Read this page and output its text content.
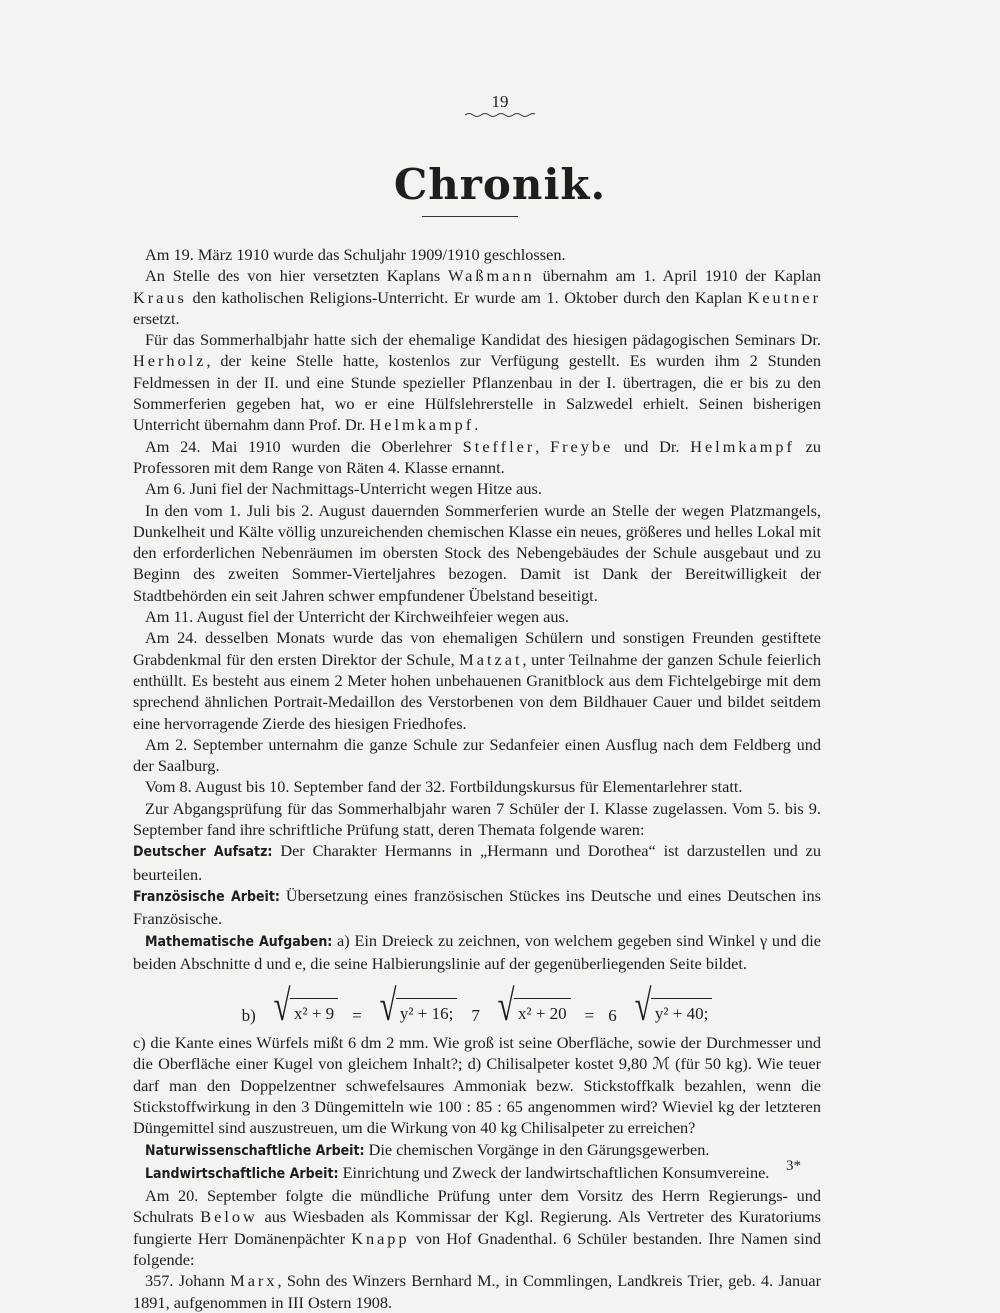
19
Chronik.

Am 19. März 1910 wurde das Schuljahr 1909/1910 geschlossen.

An Stelle des von hier versetzten Kaplans Waßmann übernahm am 1. April 1910 der Kaplan Kraus den katholischen Religions-Unterricht. Er wurde am 1. Oktober durch den Kaplan Keutner ersetzt.

Für das Sommerhalbjahr hatte sich der ehemalige Kandidat des hiesigen pädagogischen Seminars Dr. Herholz, der keine Stelle hatte, kostenlos zur Verfügung gestellt. Es wurden ihm 2 Stunden Feldmessen in der II. und eine Stunde spezieller Pflanzenbau in der I. übertragen, die er bis zu den Sommerferien gegeben hat, wo er eine Hülfslehrerstelle in Salzwedel erhielt. Seinen bisherigen Unterricht übernahm dann Prof. Dr. Helmkampf.

Am 24. Mai 1910 wurden die Oberlehrer Steffler, Freybe und Dr. Helmkampf zu Professoren mit dem Range von Räten 4. Klasse ernannt.

Am 6. Juni fiel der Nachmittags-Unterricht wegen Hitze aus.

In den vom 1. Juli bis 2. August dauernden Sommerferien wurde an Stelle der wegen Platzmangels, Dunkelheit und Kälte völlig unzureichenden chemischen Klasse ein neues, größeres und helles Lokal mit den erforderlichen Nebenräumen im obersten Stock des Nebengebäudes der Schule ausgebaut und zu Beginn des zweiten Sommer-Vierteljahres bezogen. Damit ist Dank der Bereitwilligkeit der Stadtbehörden ein seit Jahren schwer empfundener Übelstand beseitigt.

Am 11. August fiel der Unterricht der Kirchweihfeier wegen aus.

Am 24. desselben Monats wurde das von ehemaligen Schülern und sonstigen Freunden gestiftete Grabdenkmal für den ersten Direktor der Schule, Matzat, unter Teilnahme der ganzen Schule feierlich enthüllt. Es besteht aus einem 2 Meter hohen unbehauenen Granitblock aus dem Fichtelgebirge mit dem sprechend ähnlichen Portrait-Medaillon des Verstorbenen von dem Bildhauer Cauer und bildet seitdem eine hervorragende Zierde des hiesigen Friedhofes.

Am 2. September unternahm die ganze Schule zur Sedanfeier einen Ausflug nach dem Feldberg und der Saalburg.

Vom 8. August bis 10. September fand der 32. Fortbildungskursus für Elementarlehrer statt.

Zur Abgangsprüfung für das Sommerhalbjahr waren 7 Schüler der I. Klasse zugelassen. Vom 5. bis 9. September fand ihre schriftliche Prüfung statt, deren Themata folgende waren:

Deutscher Aufsatz: Der Charakter Hermanns in „Hermann und Dorothea“ ist darzustellen und zu beurteilen.

Französische Arbeit: Übersetzung eines französischen Stückes ins Deutsche und eines Deutschen ins Französische.

Mathematische Aufgaben: a) Ein Dreieck zu zeichnen, von welchem gegeben sind Winkel γ und die beiden Abschnitte d und e, die seine Halbierungslinie auf der gegenüberliegenden Seite bildet.

b) √ x² + 9 = √ y² + 16; 7 √ x² + 20 = 6 √ y² + 40;

c) die Kante eines Würfels mißt 6 dm 2 mm. Wie groß ist seine Oberfläche, sowie der Durchmesser und die Oberfläche einer Kugel von gleichem Inhalt?; d) Chilisalpeter kostet 9,80 ℳ (für 50 kg). Wie teuer darf man den Doppelzentner schwefelsaures Ammoniak bezw. Stickstoffkalk bezahlen, wenn die Stickstoffwirkung in den 3 Düngemitteln wie 100 : 85 : 65 angenommen wird? Wieviel kg der letzteren Düngemittel sind auszustreuen, um die Wirkung von 40 kg Chilisalpeter zu erreichen?

Naturwissenschaftliche Arbeit: Die chemischen Vorgänge in den Gärungsgewerben.

Landwirtschaftliche Arbeit: Einrichtung und Zweck der landwirtschaftlichen Konsumvereine.

Am 20. September folgte die mündliche Prüfung unter dem Vorsitz des Herrn Regierungs- und Schulrats Below aus Wiesbaden als Kommissar der Kgl. Regierung. Als Vertreter des Kuratoriums fungierte Herr Domänenpächter Knapp von Hof Gnadenthal. 6 Schüler bestanden. Ihre Namen sind folgende:

357. Johann Marx, Sohn des Winzers Bernhard M., in Commlingen, Landkreis Trier, geb. 4. Januar 1891, aufgenommen in III Ostern 1908.

3*
